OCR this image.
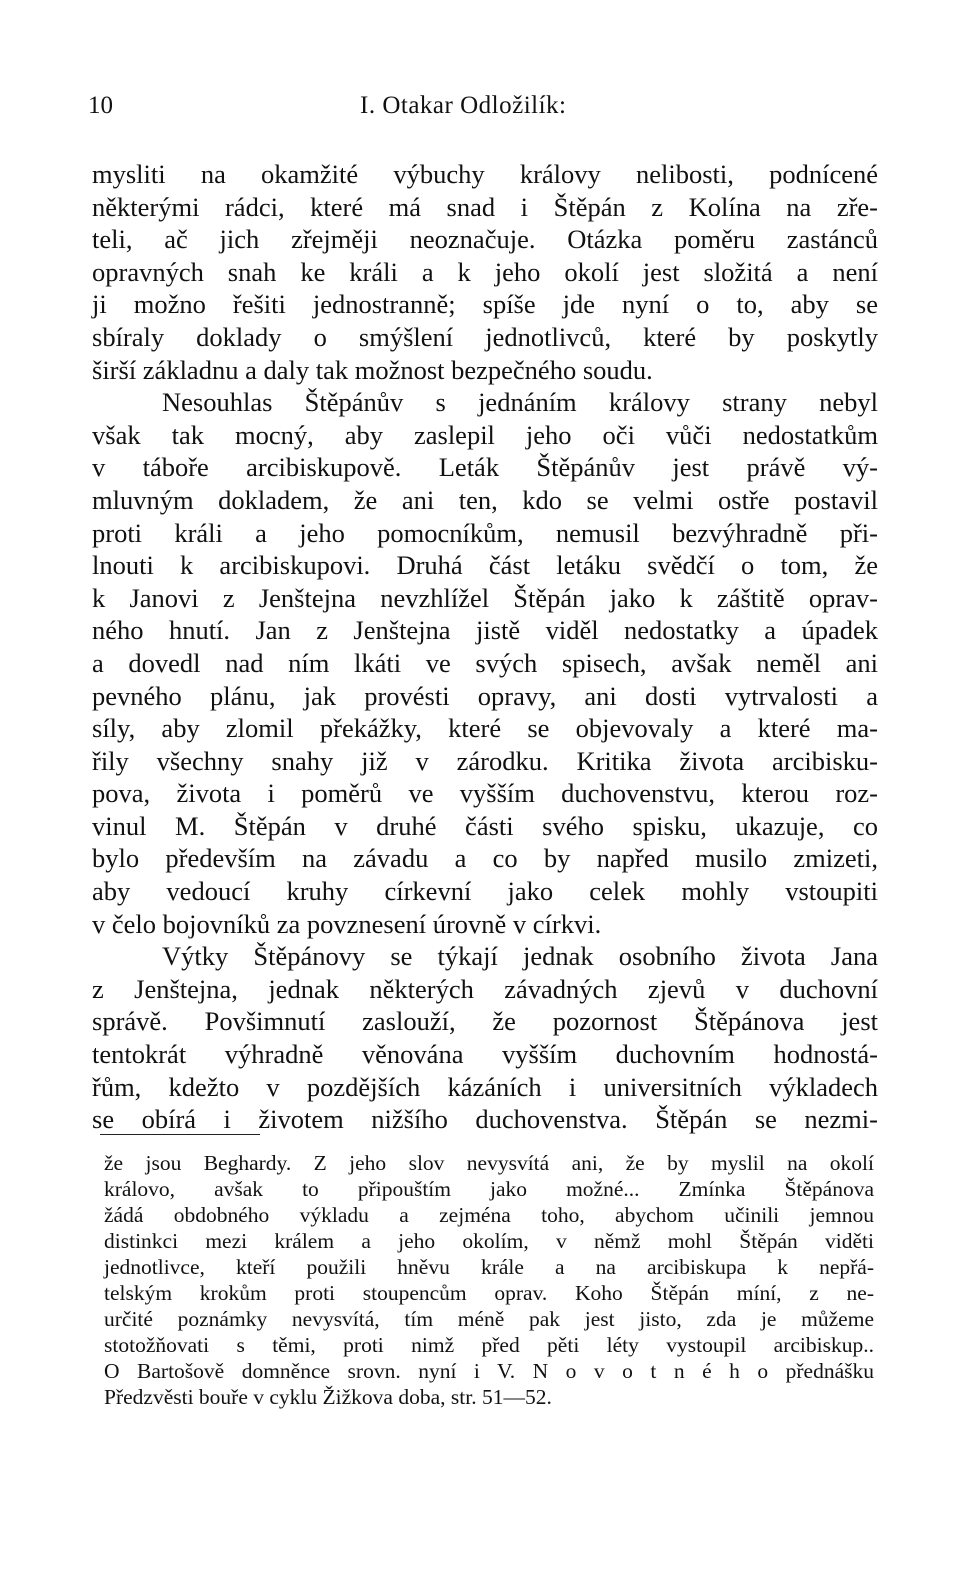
10	I. Otakar Odložilík:
mysliti na okamžité výbuchy královy nelibosti, podnícené
některými rádci, které má snad i Štěpán z Kolína na zře-
teli, ač jich zřejměji neoznačuje. Otázka poměru zastánců
opravných snah ke králi a k jeho okolí jest složitá a není
ji možno řešiti jednostranně; spíše jde nyní o to, aby se
sbíraly doklady o smýšlení jednotlivců, které by poskytly
širší základnu a daly tak možnost bezpečného soudu.
Nesouhlas Štěpánův s jednáním královy strany nebyl
však tak mocný, aby zaslepil jeho oči vůči nedostatkům
v táboře arcibiskupově. Leták Štěpánův jest právě vý-
mluvným dokladem, že ani ten, kdo se velmi ostře postavil
proti králi a jeho pomocníkům, nemusil bezvýhradně při-
lnouti k arcibiskupovi. Druhá část letáku svědčí o tom, že
k Janovi z Jenštejna nevzhlížel Štěpán jako k záštitě oprav-
ného hnutí. Jan z Jenštejna jistě viděl nedostatky a úpadek
a dovedl nad ním lkáti ve svých spisech, avšak neměl ani
pevného plánu, jak provésti opravy, ani dosti vytrvalosti a
síly, aby zlomil překážky, které se objevovaly a které ma-
řily všechny snahy již v zárodku. Kritika života arcibisku-
pova, života i poměrů ve vyšším duchovenstvu, kterou roz-
vinul M. Štěpán v druhé části svého spisku, ukazuje, co
bylo především na závadu a co by napřed musilo zmizeti,
aby vedoucí kruhy církevní jako celek mohly vstoupiti
v čelo bojovníků za povznesení úrovně v církvi.
Výtky Štěpánovy se týkají jednak osobního života Jana
z Jenštejna, jednak některých závadných zjevů v duchovní
správě. Povšimnutí zaslouží, že pozornost Štěpánova jest
tentokrát výhradně věnována vyšším duchovním hodnostá-
řům, kdežto v pozdějších kázáních i universitních výkladech
se obírá i životem nižšího duchovenstva. Štěpán se nezmi-
že jsou Beghardy. Z jeho slov nevysvítá ani, že by myslil na okolí
královo, avšak to připouštím jako možné... Zmínka Štěpánova
žádá obdobného výkladu a zejména toho, abychom učinili jemnou
distinkci mezi králem a jeho okolím, v němž mohl Štěpán viděti
jednotlivce, kteří použili hněvu krále a na arcibiskupa k nepřá-
telským krokům proti stoupencům oprav. Koho Štěpán míní, z ne-
určité poznámky nevysvítá, tím méně pak jest jisto, zda je můžeme
stotožňovati s těmi, proti nimž před pěti léty vystoupil arcibiskup..
O Bartošově domněnce srovn. nyní i V. N o v o t n é h o přednášku
Předzvěsti bouře v cyklu Žižkova doba, str. 51—52.
